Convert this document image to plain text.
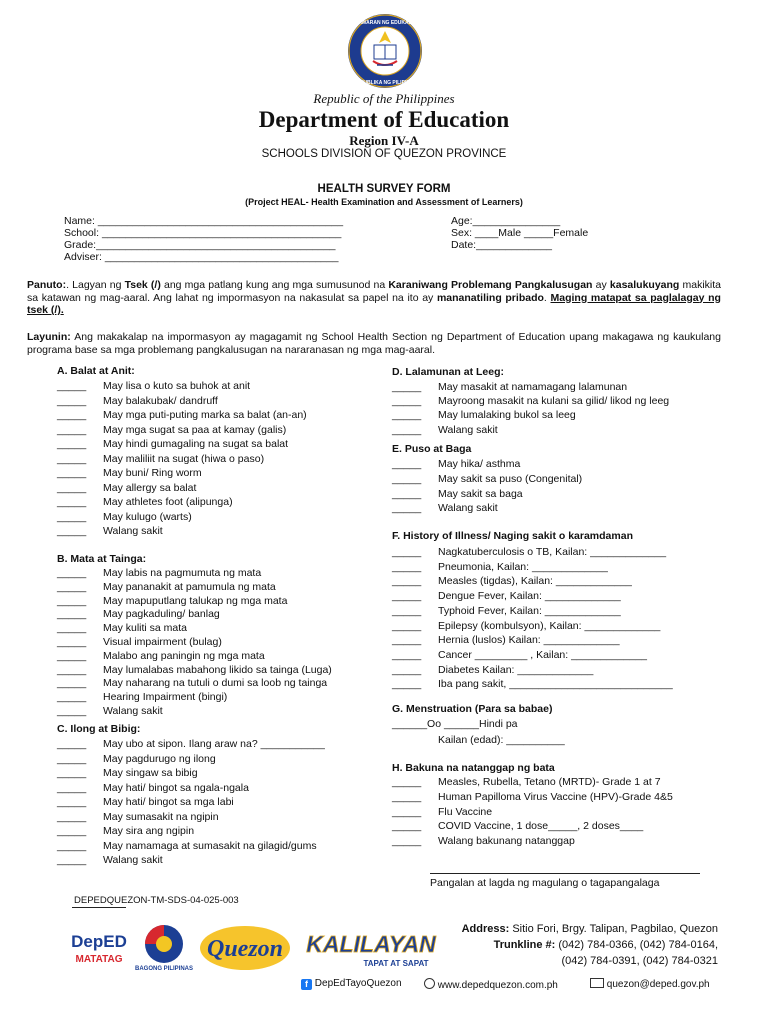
KAGAWARAN NG EDUKASYON
REPUBLIKA NG PILIPINAS
Republic of the Philippines
Department of Education
Region IV-A
SCHOOLS DIVISION OF QUEZON PROVINCE
HEALTH SURVEY FORM
(Project HEAL- Health Examination and Assessment of Learners)
Name: __________________________________________
School: _________________________________________
Grade:_________________________________________
Adviser: ________________________________________
Age:_______________
Sex: ____Male _____Female
Date:_____________
Panuto:. Lagyan ng Tsek (/) ang mga patlang kung ang mga sumusunod na Karaniwang Problemang Pangkalusugan ay kasalukuyang makikita sa katawan ng mag-aaral. Ang lahat ng impormasyon na nakasulat sa papel na ito ay mananatiling pribado. Maging matapat sa paglalagay ng tsek (/).
Layunin: Ang makakalap na impormasyon ay magagamit ng School Health Section ng Department of Education upang makagawa ng kaukulang programa base sa mga problemang pangkalusugan na nararanasan ng mga mag-aaral.
A. Balat at Anit:
_____ May lisa o kuto sa buhok at anit
_____ May balakubak/ dandruff
_____ May mga puti-puting marka sa balat (an-an)
_____ May mga sugat sa paa at kamay (galis)
_____ May hindi gumagaling na sugat sa balat
_____ May maliliit na sugat (hiwa o paso)
_____ May buni/ Ring worm
_____ May allergy sa balat
_____ May athletes foot (alipunga)
_____ May kulugo (warts)
_____ Walang sakit
B. Mata at Tainga:
_____ May labis na pagmumuta ng mata
_____ May pananakit at pamumula ng mata
_____ May mapuputlang talukap ng mga mata
_____ May pagkaduling/ banlag
_____ May kuliti sa mata
_____ Visual impairment (bulag)
_____ Malabo ang paningin ng mga mata
_____ May lumalabas mabahong likido sa tainga (Luga)
_____ May naharang na tutuli o dumi sa loob ng tainga
_____ Hearing Impairment (bingi)
_____ Walang sakit
C. Ilong at Bibig:
_____ May ubo at sipon. Ilang araw na? ___________
_____ May pagdurugo ng ilong
_____ May singaw sa bibig
_____ May hati/ bingot sa ngala-ngala
_____ May hati/ bingot sa mga labi
_____ May sumasakit na ngipin
_____ May sira ang ngipin
_____ May namamaga at sumasakit na gilagid/gums
_____ Walang sakit
D. Lalamunan at Leeg:
_____ May masakit at namamagang lalamunan
_____ Mayroong masakit na kulani sa gilid/ likod ng leeg
_____ May lumalaking bukol sa leeg
_____ Walang sakit
E. Puso at Baga
_____ May hika/ asthma
_____ May sakit sa puso (Congenital)
_____ May sakit sa baga
_____ Walang sakit
F. History of Illness/ Naging sakit o karamdaman
_____ Nagkatuberculosis o TB, Kailan: _____________
_____ Pneumonia, Kailan: _____________
_____ Measles (tigdas), Kailan: _____________
_____ Dengue Fever, Kailan: _____________
_____ Typhoid Fever, Kailan: _____________
_____ Epilepsy (kombulsyon), Kailan: _____________
_____ Hernia (luslos) Kailan: _____________
_____ Cancer _________ , Kailan: _____________
_____ Diabetes Kailan: _____________
_____ Iba pang sakit, ____________________________
H. Bakuna na natanggap ng bata
_____ Measles, Rubella, Tetano (MRTD)- Grade 1 at 7
_____ Human Papilloma Virus Vaccine (HPV)-Grade 4&5
_____ Flu Vaccine
_____ COVID Vaccine, 1 dose_____, 2 doses____
_____ Walang bakunang natanggap
G. Menstruation (Para sa babae)
______Oo ______Hindi pa
Kailan (edad): __________
Pangalan at lagda ng magulang o tagapangalaga
DEPEDQUEZON-TM-SDS-04-025-003
DepED
MATATAG
BAGONG PILIPINAS
Quezon KALILAYAN
TAPAT AT SAPAT
Address: Sitio Fori, Brgy. Talipan, Pagbilao, Quezon
Trunkline #: (042) 784-0366, (042) 784-0164,
(042) 784-0391, (042) 784-0321
f DepEdTayoQuezon	www.depedquezon.com.ph	quezon@deped.gov.ph
